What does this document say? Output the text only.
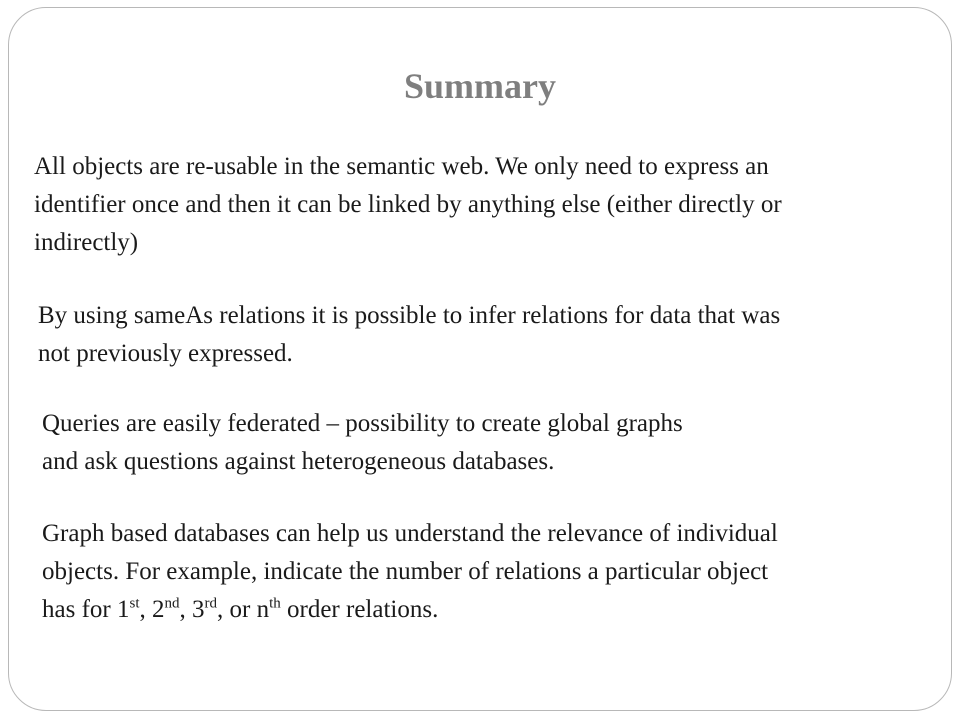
Summary

All objects are re-usable in the semantic web. We only need to express an
identifier once and then it can be linked by anything else (either directly or
indirectly)

By using sameAs relations it is possible to infer relations for data that was
not previously expressed.

Queries are easily federated – possibility to create global graphs
and ask questions against heterogeneous databases.

Graph based databases can help us understand the relevance of individual
objects. For example, indicate the number of relations a particular object
has for 1st, 2nd, 3rd, or $n^{th}$ order relations.
